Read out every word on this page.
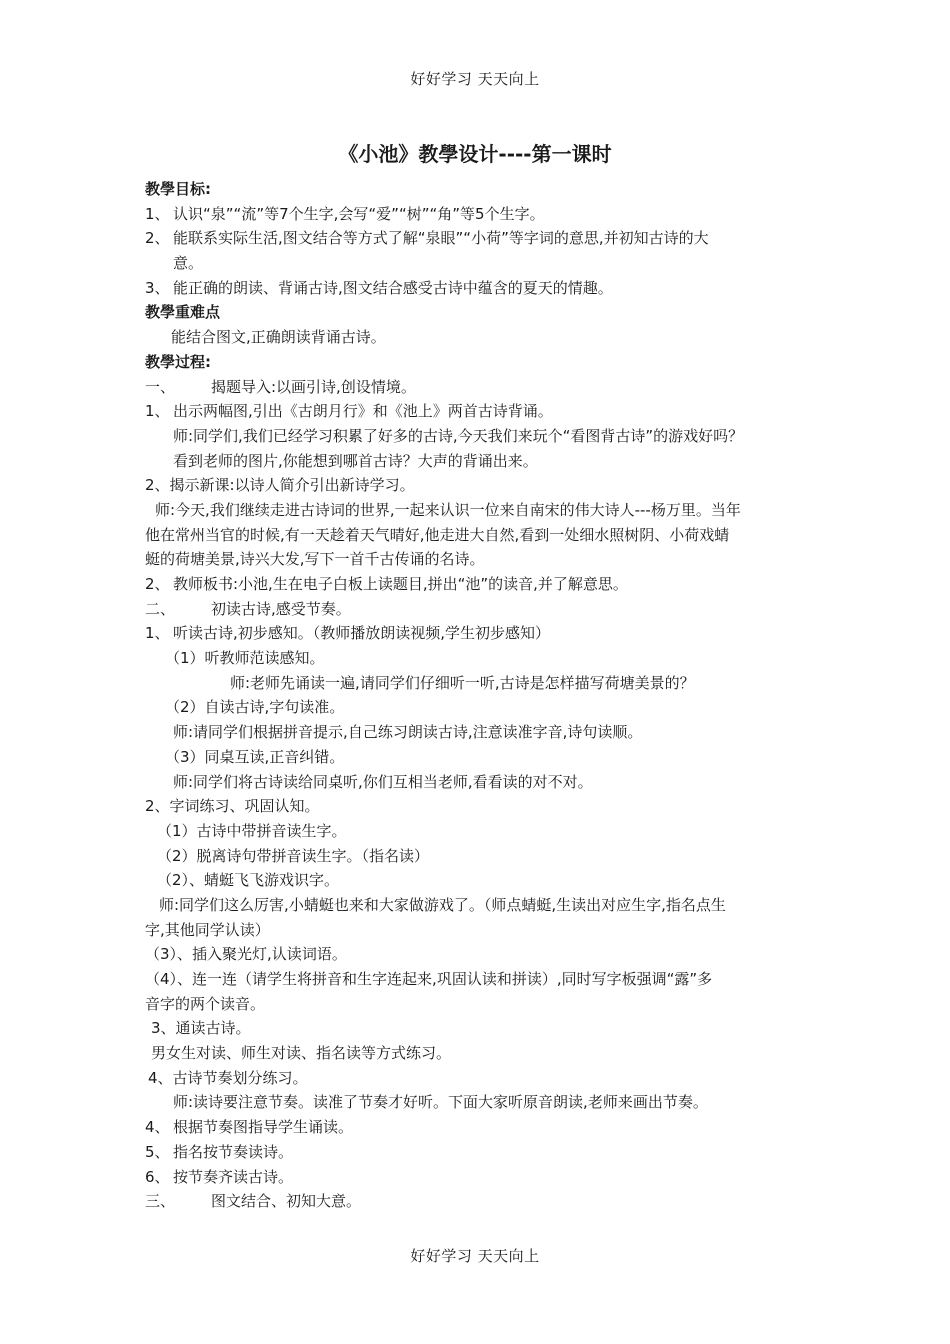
好好学习 天天向上
《小池》教學设计----第一课时
教學目标:
1、 认识“泉”“流”等7个生字,会写“爱”“树”“角”等5个生字。
2、 能联系实际生活,图文结合等方式了解“泉眼”“小荷”等字词的意思,并初知古诗的大
意。
3、 能正确的朗读、背诵古诗,图文结合感受古诗中蕴含的夏天的情趣。
教學重难点
能结合图文,正确朗读背诵古诗。
教學过程:
一、 揭题导入:以画引诗,创设情境。
1、 出示两幅图,引出《古朗月行》和《池上》两首古诗背诵。
师:同学们,我们已经学习积累了好多的古诗,今天我们来玩个“看图背古诗”的游戏好吗？
看到老师的图片,你能想到哪首古诗？大声的背诵出来。
2、揭示新课:以诗人简介引出新诗学习。
师:今天,我们继续走进古诗词的世界,一起来认识一位来自南宋的伟大诗人---杨万里。当年
他在常州当官的时候,有一天趁着天气晴好,他走进大自然,看到一处细水照树阴、小荷戏蜻
蜓的荷塘美景,诗兴大发,写下一首千古传诵的名诗。
2、 教师板书:小池,生在电子白板上读题目,拼出“池”的读音,并了解意思。
二、 初读古诗,感受节奏。
1、 听读古诗,初步感知。（教师播放朗读视频,学生初步感知）
（1）听教师范读感知。
师:老师先诵读一遍,请同学们仔细听一听,古诗是怎样描写荷塘美景的？
（2）自读古诗,字句读准。
师:请同学们根据拼音提示,自己练习朗读古诗,注意读准字音,诗句读顺。
（3）同桌互读,正音纠错。
师:同学们将古诗读给同桌听,你们互相当老师,看看读的对不对。
2、字词练习、巩固认知。
（1）古诗中带拼音读生字。
（2）脱离诗句带拼音读生字。（指名读）
（2）、蜻蜓飞飞游戏识字。
师:同学们这么厉害,小蜻蜓也来和大家做游戏了。（师点蜻蜓,生读出对应生字,指名点生
字,其他同学认读）
（3）、插入聚光灯,认读词语。
（4）、连一连（请学生将拼音和生字连起来,巩固认读和拼读）,同时写字板强调“露”多
音字的两个读音。
3、通读古诗。
男女生对读、师生对读、指名读等方式练习。
4、古诗节奏划分练习。
师:读诗要注意节奏。读准了节奏才好听。下面大家听原音朗读,老师来画出节奏。
4、 根据节奏图指导学生诵读。
5、 指名按节奏读诗。
6、 按节奏齐读古诗。
三、 图文结合、初知大意。
好好学习 天天向上
